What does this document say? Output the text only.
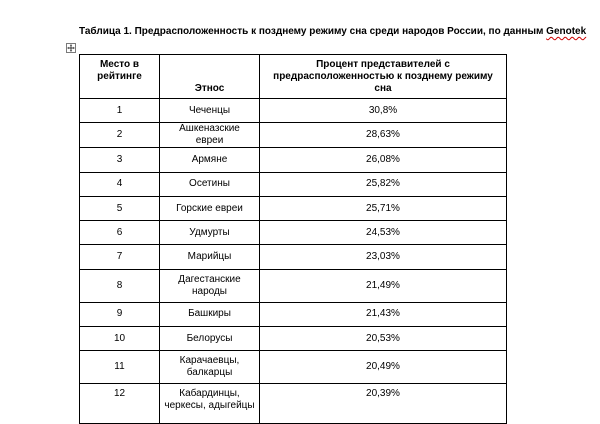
Таблица 1. Предрасположенность к позднему режиму сна среди народов России, по данным Genotek
Место в рейтинге	Этнос	Процент представителей с предрасположенностью к позднему режиму сна
1	Чеченцы	30,8%
2	Ашкеназские евреи	28,63%
3	Армяне	26,08%
4	Осетины	25,82%
5	Горские евреи	25,71%
6	Удмурты	24,53%
7	Марийцы	23,03%
8	Дагестанские народы	21,49%
9	Башкиры	21,43%
10	Белорусы	20,53%
11	Карачаевцы, балкарцы	20,49%
12	Кабардинцы, черкесы, адыгейцы	20,39%
